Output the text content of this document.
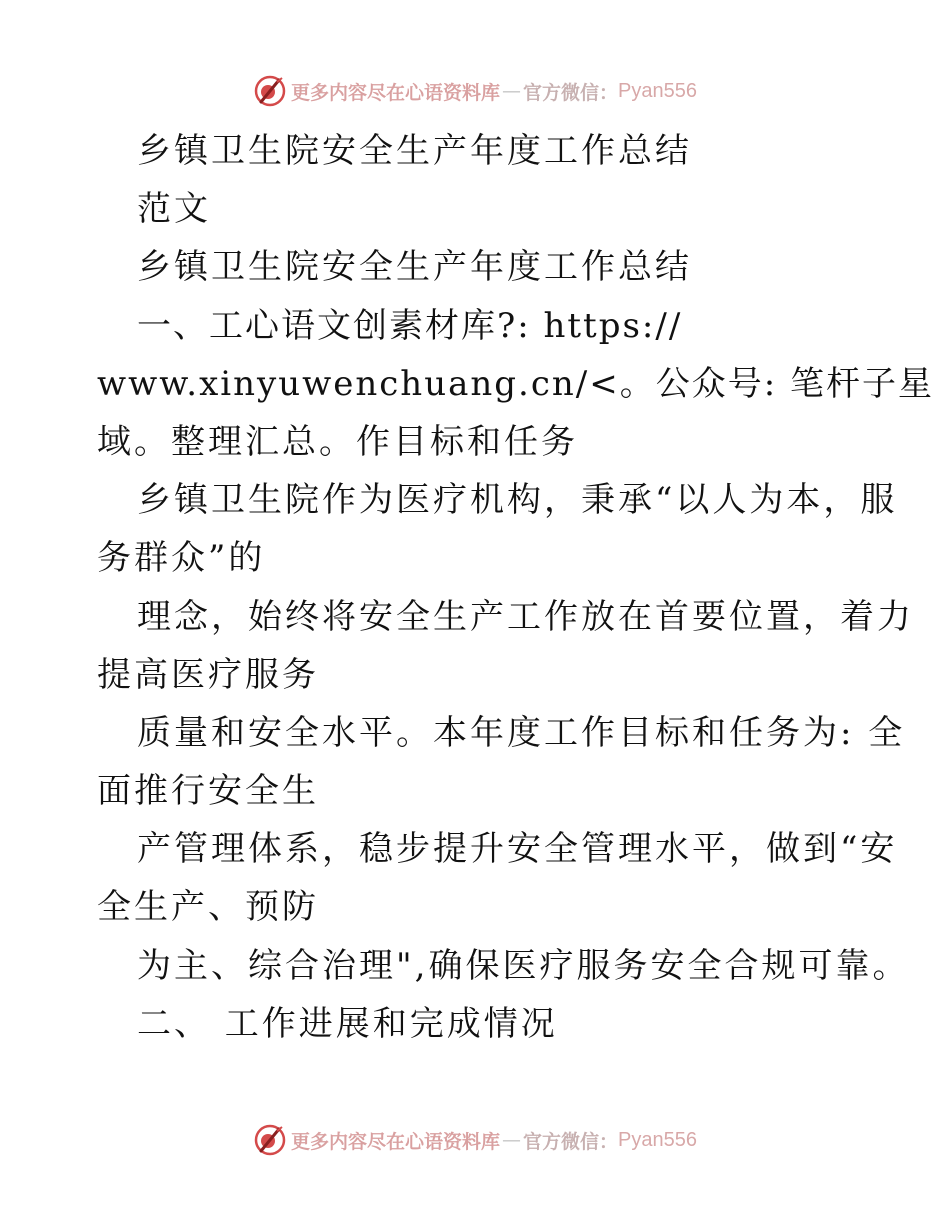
更多内容尽在心语资料库 — 官方微信： Pyan556
乡镇卫生院安全生产年度工作总结
范文
乡镇卫生院安全生产年度工作总结
一、工心语文创素材库?: https://
www.xinyuwenchuang.cn/<。公众号: 笔杆子星
域。整理汇总。作目标和任务
乡镇卫生院作为医疗机构，秉承“以人为本，服
务群众”的
理念，始终将安全生产工作放在首要位置，着力
提高医疗服务
质量和安全水平。本年度工作目标和任务为: 全
面推行安全生
产管理体系，稳步提升安全管理水平，做到“安
全生产、预防
为主、综合治理",确保医疗服务安全合规可靠。
二、 工作进展和完成情况
更多内容尽在心语资料库 — 官方微信： Pyan556
